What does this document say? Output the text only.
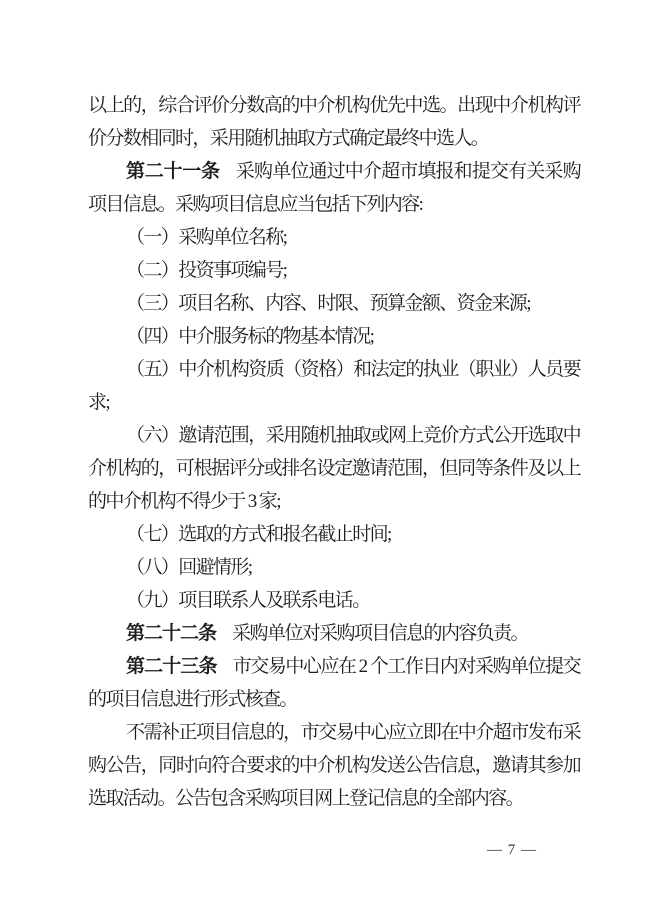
以上的，综合评价分数高的中介机构优先中选。出现中介机构评价分数相同时，采用随机抽取方式确定最终中选人。

第二十一条 采购单位通过中介超市填报和提交有关采购项目信息。采购项目信息应当包括下列内容:

（一）采购单位名称;

（二）投资事项编号;

（三）项目名称、内容、时限、预算金额、资金来源;

（四）中介服务标的物基本情况;

（五）中介机构资质（资格）和法定的执业（职业）人员要求;

（六）邀请范围，采用随机抽取或网上竞价方式公开选取中介机构的，可根据评分或排名设定邀请范围，但同等条件及以上的中介机构不得少于 3 家;

（七）选取的方式和报名截止时间;

（八）回避情形;

（九）项目联系人及联系电话。

第二十二条 采购单位对采购项目信息的内容负责。

第二十三条 市交易中心应在 2 个工作日内对采购单位提交的项目信息进行形式核查。

不需补正项目信息的，市交易中心应立即在中介超市发布采购公告，同时向符合要求的中介机构发送公告信息，邀请其参加选取活动。公告包含采购项目网上登记信息的全部内容。

— 7 —
